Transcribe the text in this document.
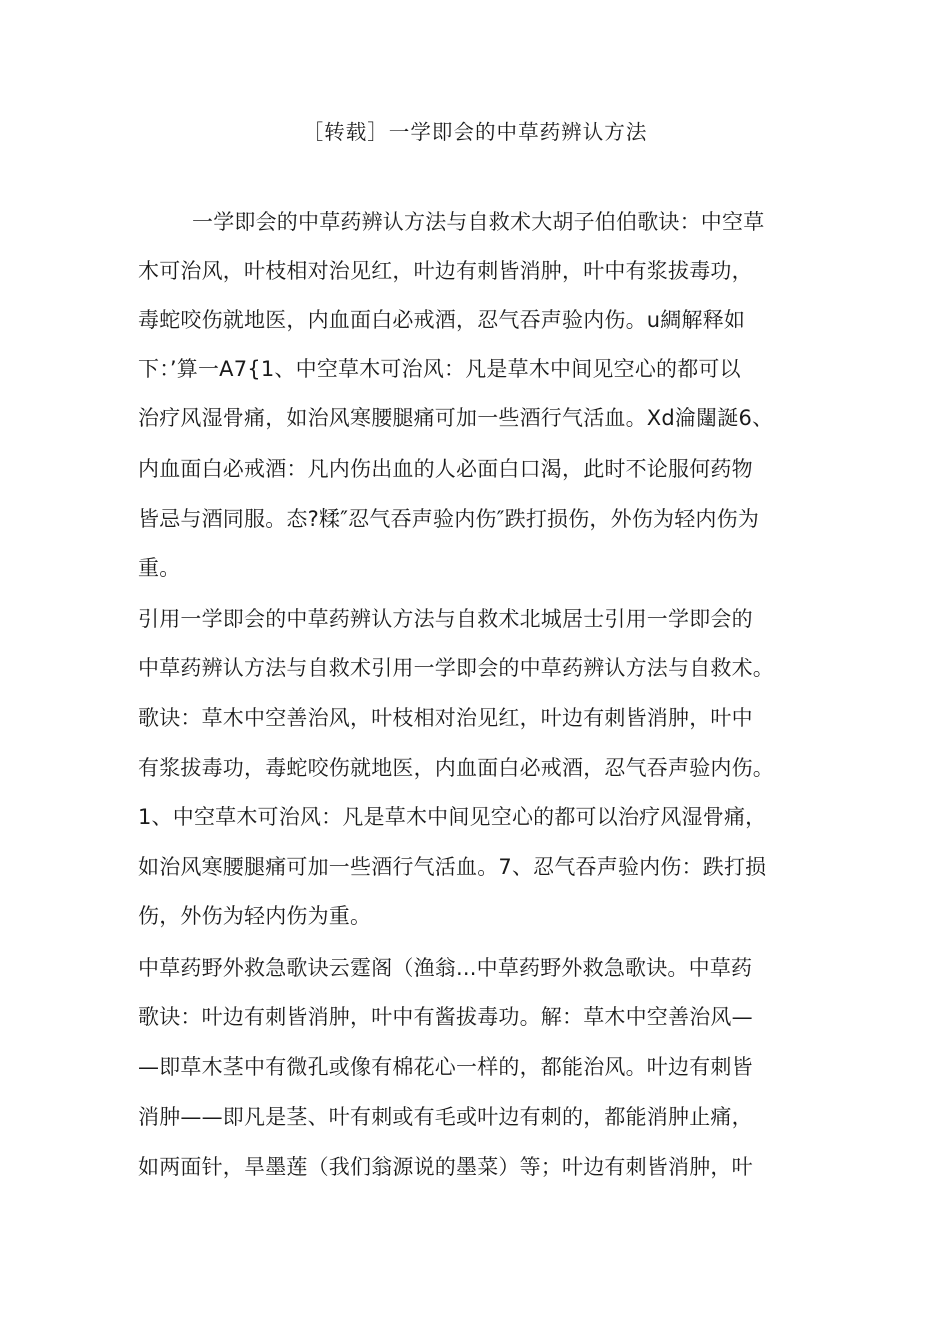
［转载］一学即会的中草药辨认方法
一学即会的中草药辨认方法与自救术大胡子伯伯歌诀：中空草
木可治风，叶枝相对治见红，叶边有刺皆消肿，叶中有浆拔毒功，
毒蛇咬伤就地医，内血面白必戒酒，忍气吞声验内伤。u綢解释如
下：’算一A7{1、中空草木可治风：凡是草木中间见空心的都可以
治疗风湿骨痛，如治风寒腰腿痛可加一些酒行气活血。Xd淪闥誕6、
内血面白必戒酒：凡内伤出血的人必面白口渴，此时不论服何药物
皆忌与酒同服。态?糅″忍气吞声验内伤″跌打损伤，外伤为轻内伤为
重。
引用一学即会的中草药辨认方法与自救术北城居士引用一学即会的
中草药辨认方法与自救术引用一学即会的中草药辨认方法与自救术。
歌诀：草木中空善治风，叶枝相对治见红，叶边有刺皆消肿，叶中
有浆拔毒功，毒蛇咬伤就地医，内血面白必戒酒，忍气吞声验内伤。
1、中空草木可治风：凡是草木中间见空心的都可以治疗风湿骨痛，
如治风寒腰腿痛可加一些酒行气活血。7、忍气吞声验内伤：跌打损
伤，外伤为轻内伤为重。
中草药野外救急歌诀云霆阁（渔翁...中草药野外救急歌诀。中草药
歌诀：叶边有刺皆消肿，叶中有酱拔毒功。解：草木中空善治风—
—即草木茎中有微孔或像有棉花心一样的，都能治风。叶边有刺皆
消肿——即凡是茎、叶有刺或有毛或叶边有刺的，都能消肿止痛，
如两面针，旱墨莲（我们翁源说的墨菜）等；叶边有刺皆消肿，叶
